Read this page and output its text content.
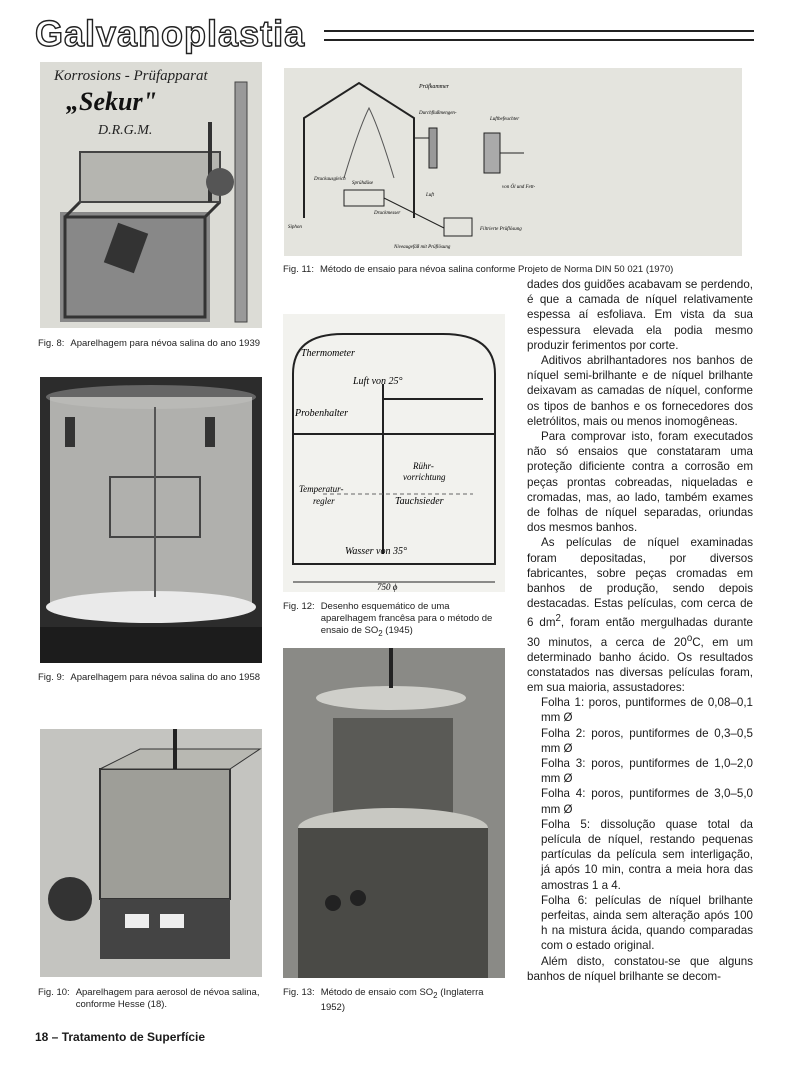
Galvanoplastia
Korrosions - Prüfapparat
„Sekur"
D.R.G.M.
Fig. 8: Aparelhagem para névoa salina do ano 1939
Fig. 9: Aparelhagem para névoa salina do ano 1958
Fig. 10: Aparelhagem para aerosol de névoa salina, conforme Hesse (18).
Prüfkammer
Durchflußmengen-
Luftbefeuchter
Druckausgleich
Sprühdüse
Luft
Druckmesser
von Öl und Fett-
Filtrierte Prüflösung
Siphon
Niveaugefäß mit Prüflösung
Fig. 11: Método de ensaio para névoa salina conforme Projeto de Norma DIN 50 021 (1970)
Thermometer
Luft von 25°
Probenhalter
Rühr-
vorrichtung
Temperatur-
regler	Tauchsieder
Wasser von 35°
750 ϕ
Fig. 12: Desenho esquemático de uma aparelhagem francêsa para o método de ensaio de $SO_2$ (1945)
Fig. 13: Método de ensaio com $SO_2$ (Inglaterra 1952)

dades dos guidões acabavam se perdendo, é que a camada de níquel relativamente espessa aí esfoliava. Em vista da sua espessura elevada ela podia mesmo produzir ferimentos por corte.

Aditivos abrilhantadores nos banhos de níquel semi-brilhante e de níquel brilhante deixavam as camadas de níquel, conforme os tipos de banhos e os fornecedores dos eletrólitos, mais ou menos inomogêneas.

Para comprovar isto, foram executados não só ensaios que constataram uma proteção dificiente contra a corrosão em peças prontas cobreadas, niqueladas e cromadas, mas, ao lado, também exames de folhas de níquel separadas, oriundas dos mesmos banhos.

As películas de níquel examinadas foram depositadas, por diversos fabricantes, sobre peças cromadas em banhos de produção, sendo depois destacadas. Estas películas, com cerca de 6 $dm^2$, foram então mergulhadas durante 30 minutos, a cerca de 20$^o$C, em um determinado banho ácido. Os resultados constatados nas diversas películas foram, em sua maioria, assustadores:

Folha 1: poros, puntiformes de 0,08–0,1 mm Ø

Folha 2: poros, puntiformes de 0,3–0,5 mm Ø

Folha 3: poros, puntiformes de 1,0–2,0 mm Ø

Folha 4: poros, puntiformes de 3,0–5,0 mm Ø

Folha 5: dissolução quase total da película de níquel, restando pequenas partículas da película sem interligação, já após 10 min, contra a meia hora das amostras 1 a 4.

Folha 6: películas de níquel brilhante perfeitas, ainda sem alteração após 100 h na mistura ácida, quando comparadas com o estado original.

Além disto, constatou-se que alguns banhos de níquel brilhante se decom-

18 – Tratamento de Superfície
